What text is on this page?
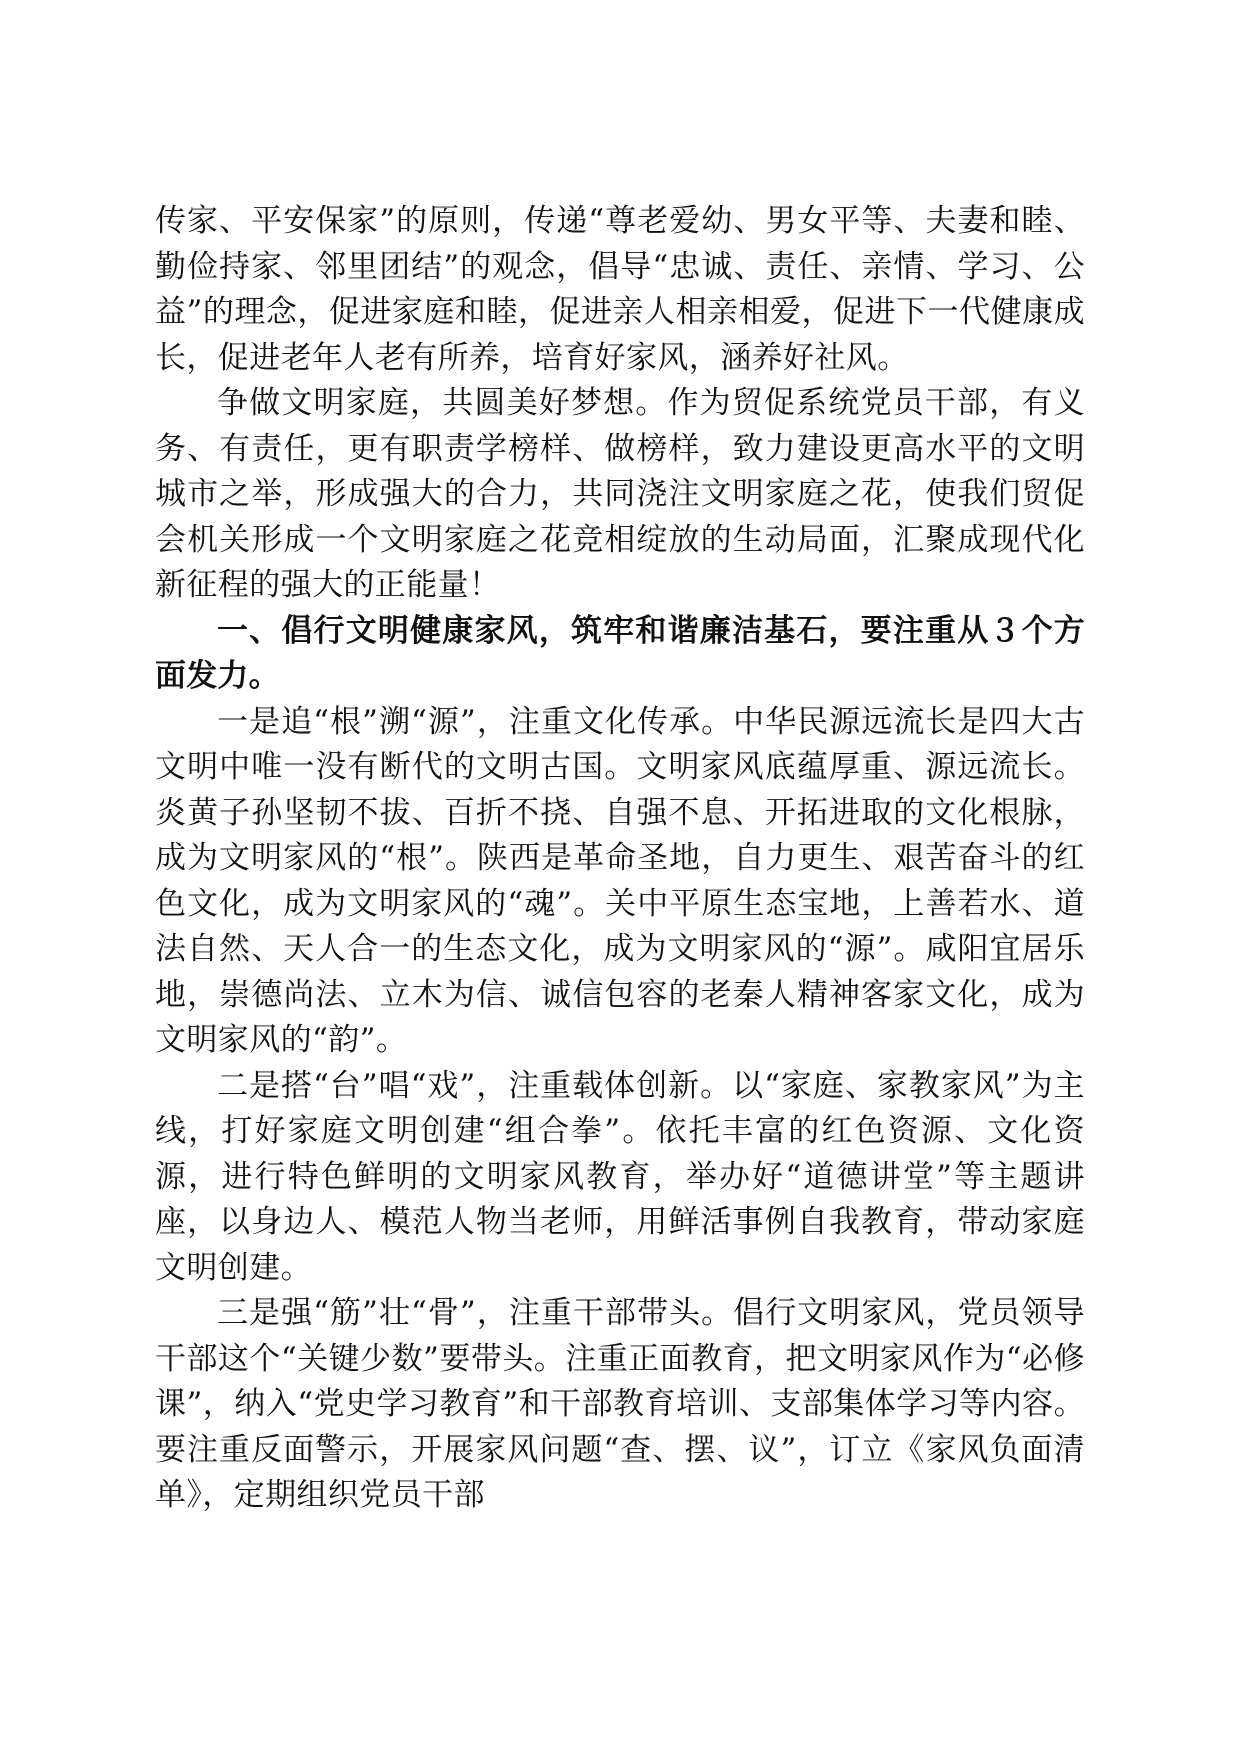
传家、平安保家”的原则，传递“尊老爱幼、男女平等、夫妻和睦、勤俭持家、邻里团结”的观念，倡导“忠诚、责任、亲情、学习、公益”的理念，促进家庭和睦，促进亲人相亲相爱，促进下一代健康成长，促进老年人老有所养，培育好家风，涵养好社风。

争做文明家庭，共圆美好梦想。作为贸促系统党员干部，有义务、有责任，更有职责学榜样、做榜样，致力建设更高水平的文明城市之举，形成强大的合力，共同浇注文明家庭之花，使我们贸促会机关形成一个文明家庭之花竞相绽放的生动局面，汇聚成现代化新征程的强大的正能量！

一、倡行文明健康家风，筑牢和谐廉洁基石，要注重从３个方面发力。

一是追“根”溯“源”，注重文化传承。中华民源远流长是四大古文明中唯一没有断代的文明古国。文明家风底蕴厚重、源远流长。炎黄子孙坚韧不拔、百折不挠、自强不息、开拓进取的文化根脉，成为文明家风的“根”。陕西是革命圣地，自力更生、艰苦奋斗的红色文化，成为文明家风的“魂”。关中平原生态宝地，上善若水、道法自然、天人合一的生态文化，成为文明家风的“源”。咸阳宜居乐地，崇德尚法、立木为信、诚信包容的老秦人精神客家文化，成为文明家风的“韵”。

二是搭“台”唱“戏”，注重载体创新。以“家庭、家教家风”为主线，打好家庭文明创建“组合拳”。依托丰富的红色资源、文化资源，进行特色鲜明的文明家风教育，举办好“道德讲堂”等主题讲座，以身边人、模范人物当老师，用鲜活事例自我教育，带动家庭文明创建。

三是强“筋”壮“骨”，注重干部带头。倡行文明家风，党员领导干部这个“关键少数”要带头。注重正面教育，把文明家风作为“必修课”，纳入“党史学习教育”和干部教育培训、支部集体学习等内容。要注重反面警示，开展家风问题“查、摆、议”，订立《家风负面清单》，定期组织党员干部
